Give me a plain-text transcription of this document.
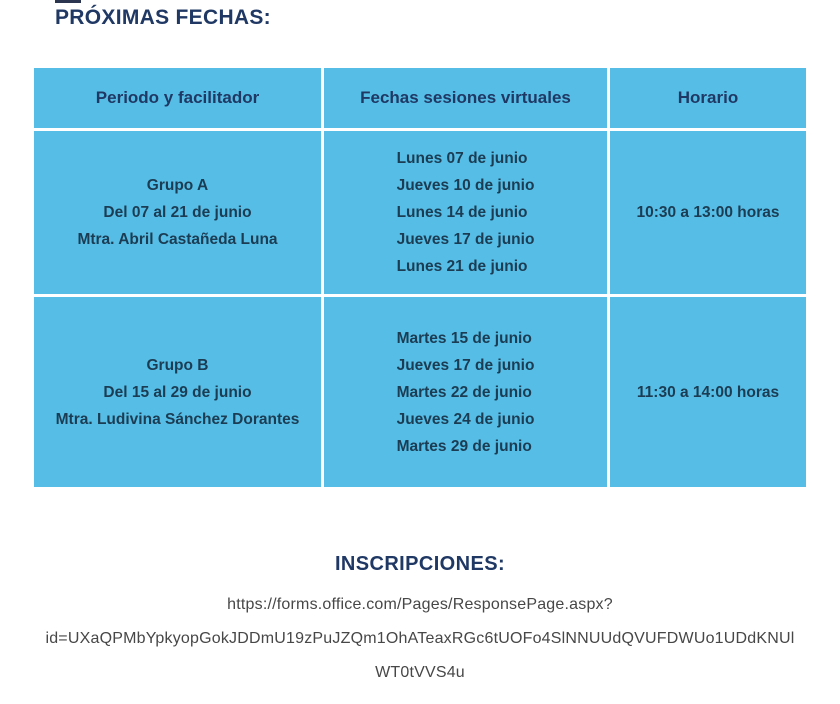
PRÓXIMAS FECHAS:
Periodo y facilitador	Fechas sesiones virtuales	Horario
Grupo A
Del 07 al 21 de junio
Mtra. Abril Castañeda Luna
Lunes 07 de junio
Jueves 10 de junio
Lunes 14 de junio
Jueves 17 de junio
Lunes 21 de junio
10:30 a 13:00 horas
Grupo B
Del 15 al 29 de junio
Mtra. Ludivina Sánchez Dorantes
Martes 15 de junio
Jueves 17 de junio
Martes 22 de junio
Jueves 24 de junio
Martes 29 de junio
11:30 a 14:00 horas
INSCRIPCIONES:
https://forms.office.com/Pages/ResponsePage.aspx?
id=UXaQPMbYpkyopGokJDDmU19zPuJZQm1OhATeaxRGc6tUOFo4SlNNUUdQVUFDWUo1UDdKNUl
WT0tVVS4u
